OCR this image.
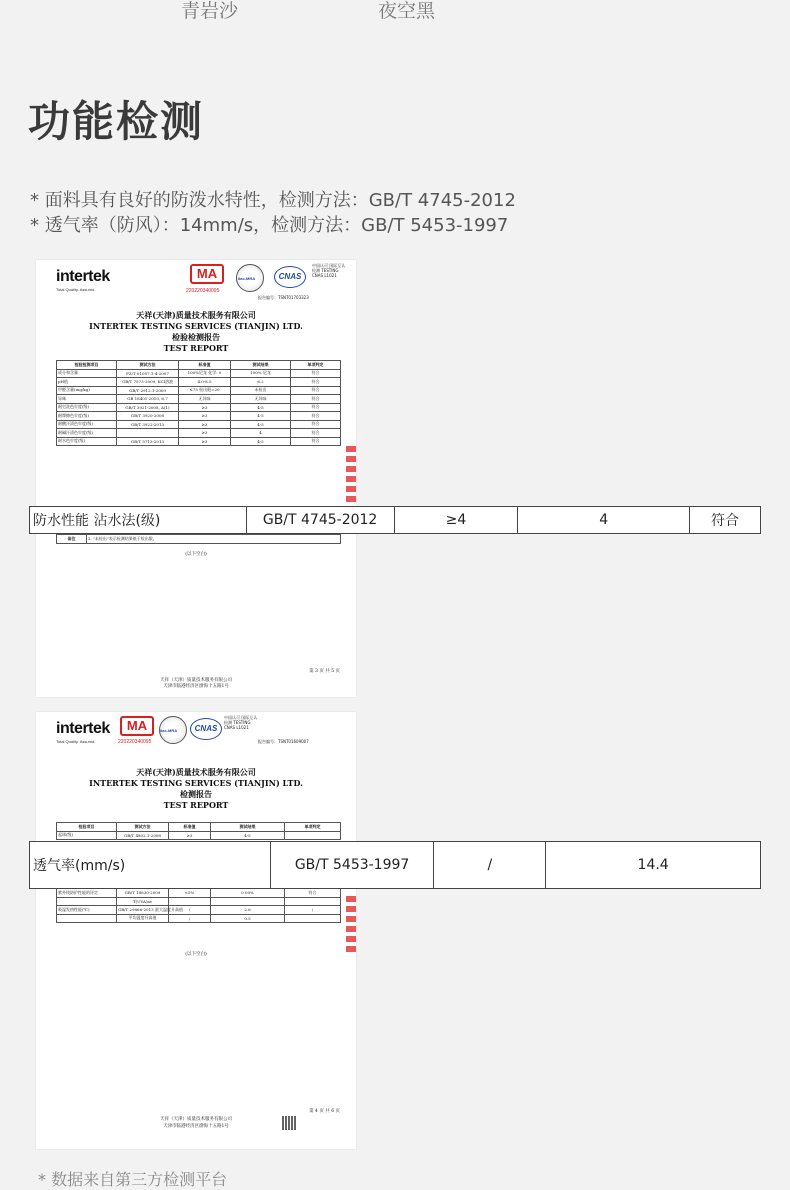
青岩沙	夜空黑
功能检测
* 面料具有良好的防泼水特性，检测方法：GB/T 4745-2012
* 透气率（防风）：14mm/s，检测方法：GB/T 5453-1997
intertek
Total Quality. Assured.
MA
220220340095
ilac-MRA	CNAS
中国认可 国际互认 检测 TESTING CNAS L1021
报告编号：TSNT01703323
天祥(天津)质量技术服务有限公司
INTERTEK TESTING SERVICES (TIANJIN) LTD.
检验检测报告
TEST REPORT
检验检测项目	测试方法	标准值	测试结果	单项判定
成分和含量	FZ/T 01057.1-4-2007	100%尼龙 化学: 0	100% 尼龙	符合
pH值	GB/T 7573-2009, KCl溶液	4.0-8.5	6.2	符合
甲醛含量(mg/kg)	GB/T 2912.1-2009	≤75 检出限=20	未检出	符合
异味	GB 18401-2010, 6.7	无异味	无异味	符合
耐皂洗色牢度(级)	GB/T 3921-2008, A(1)	≥3	4-5	符合
耐摩擦色牢度(级)	GB/T 3920-2008	≥3	4-5	符合
耐酸汗渍色牢度(级)	GB/T 3922-2013	≥3	4-5	符合
耐碱汗渍色牢度(级)		≥3	4	符合
耐水色牢度(级)	GB/T 5713-2013	≥3	4-5	符合
备注	2. "未检出"表示检测结果低于检出限。
(以下空白)
第 3 页 共 5 页
天祥（天津）质量技术服务有限公司
天津市临港经济区渤海十五路1号
防水性能 沾水法(级)	GB/T 4745-2012	≥4	4	符合
intertek
Total Quality. Assured.
MA
220220340095
ilac-MRA	CNAS
中国认可 国际互认 检测 TESTING CNAS L1021
报告编号：TSNT01609007
天祥(天津)质量技术服务有限公司
INTERTEK TESTING SERVICES (TIANJIN) LTD.
检测报告
TEST REPORT
检验项目	测试方法	标准值	测试结果	单项判定
起球(级)	GB/T 4802.1-2008	≥3	4-5	
紫外线防护性能的评定	GB/T 18830-2009	<5%	0.09%	符合
	T(UVA)av			
吸湿发热性能(℃)	GB/T 29866-2013 最大温度升高值	/	2.6	/
	平均温度升高值	/	0.5	
(以下空白)
第 4 页 共 6 页
天祥（天津）质量技术服务有限公司
天津市临港经济区渤海十五路1号
透气率(mm/s)	GB/T 5453-1997	/	14.4
* 数据来自第三方检测平台
